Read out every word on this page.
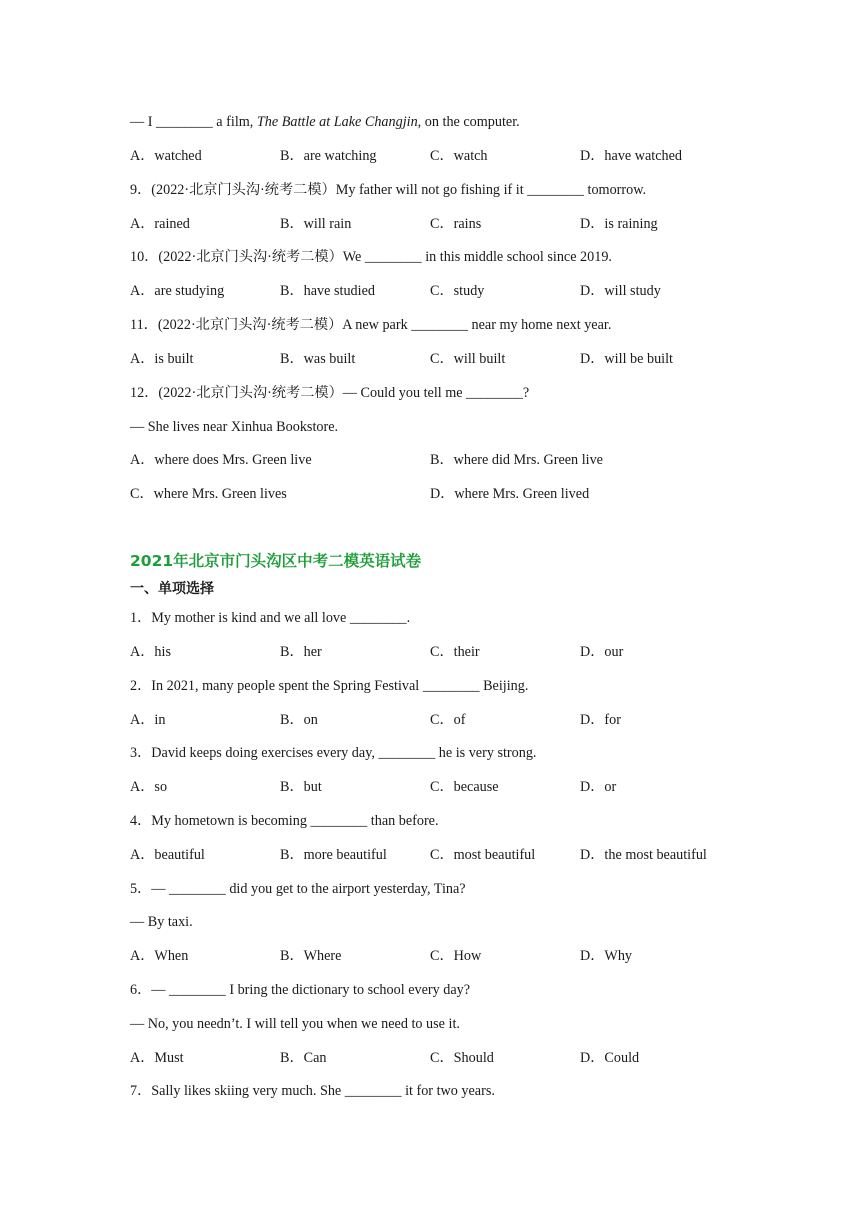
— I ________ a film, The Battle at Lake Changjin, on the computer.
A．watched	B．are watching	C．watch	D．have watched
9．(2022·北京门头沟·统考二模）My father will not go fishing if it ________ tomorrow.
A．rained	B．will rain	C．rains	D．is raining
10．(2022·北京门头沟·统考二模）We ________ in this middle school since 2019.
A．are studying	B．have studied	C．study	D．will study
11．(2022·北京门头沟·统考二模）A new park ________ near my home next year.
A．is built	B．was built	C．will built	D．will be built
12．(2022·北京门头沟·统考二模）— Could you tell me ________?
— She lives near Xinhua Bookstore.
A．where does Mrs. Green live	B．where did Mrs. Green live
C．where Mrs. Green lives	D．where Mrs. Green lived
2021年北京市门头沟区中考二模英语试卷
一、单项选择
1．My mother is kind and we all love ________.
A．his	B．her	C．their	D．our
2．In 2021, many people spent the Spring Festival ________ Beijing.
A．in	B．on	C．of	D．for
3．David keeps doing exercises every day, ________ he is very strong.
A．so	B．but	C．because	D．or
4．My hometown is becoming ________ than before.
A．beautiful	B．more beautiful	C．most beautiful	D．the most beautiful
5．— ________ did you get to the airport yesterday, Tina?
— By taxi.
A．When	B．Where	C．How	D．Why
6．— ________ I bring the dictionary to school every day?
— No, you needn’t. I will tell you when we need to use it.
A．Must	B．Can	C．Should	D．Could
7．Sally likes skiing very much. She ________ it for two years.
